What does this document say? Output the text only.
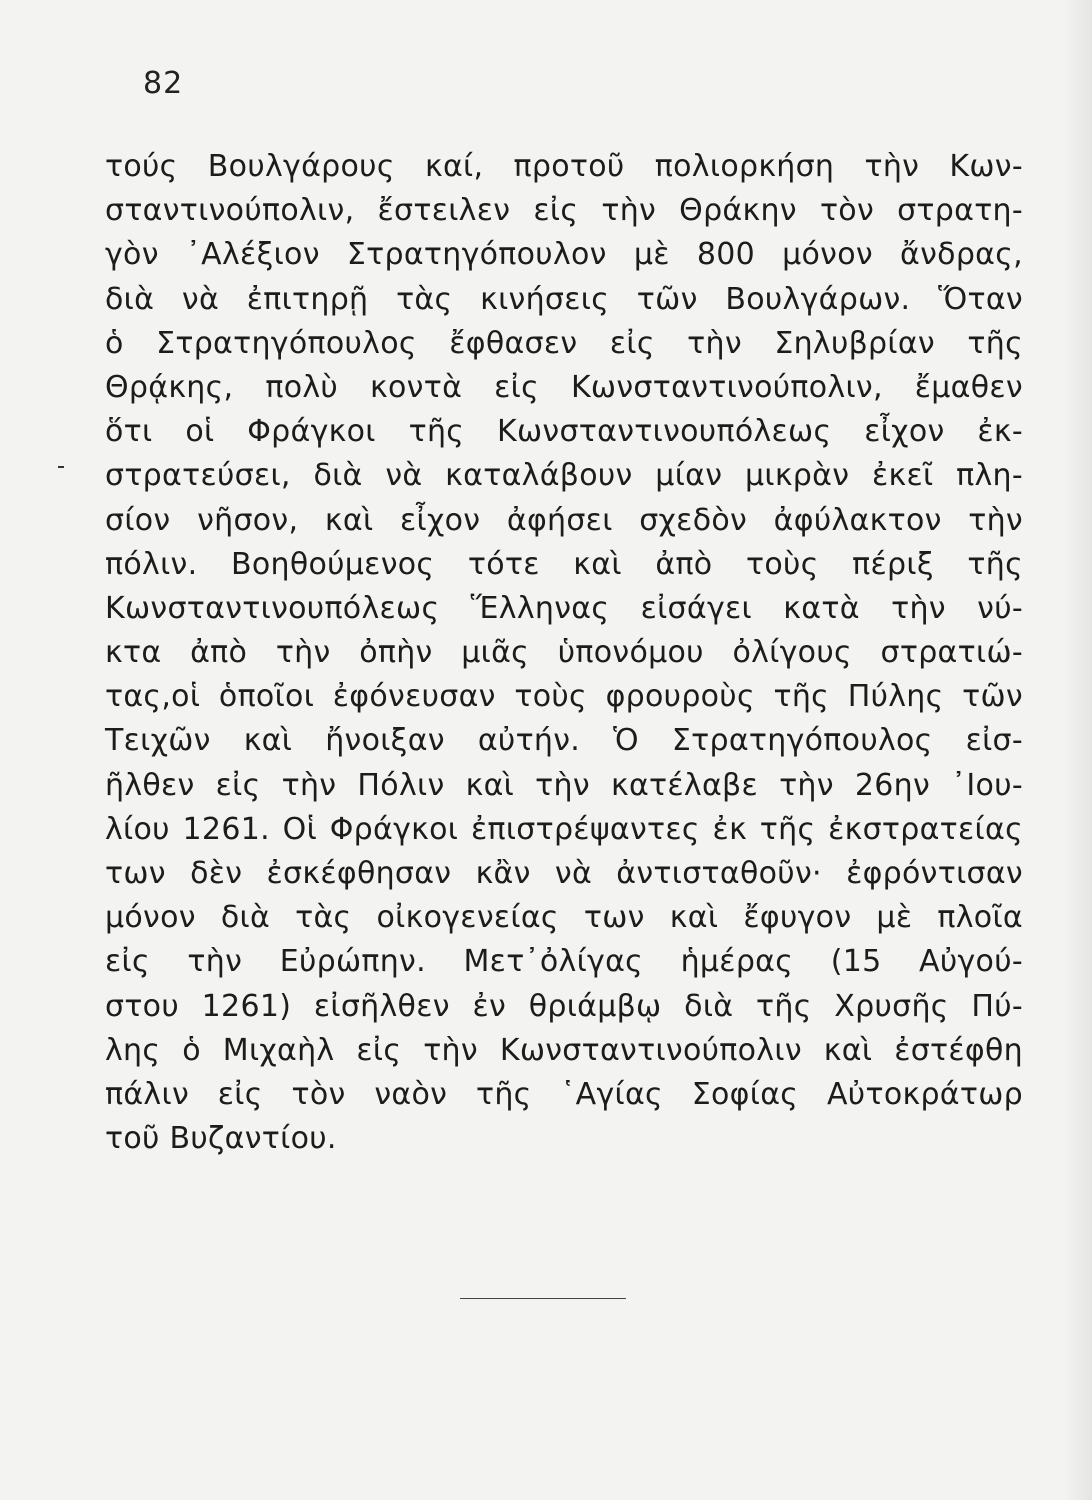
82
τούς Βουλγάρους καί, προτοῦ πολιορκήση τὴν Κων-
σταντινούπολιν, ἔστειλεν εἰς τὴν Θράκην τὸν στρατη-
γὸν ᾿Αλέξιον Στρατηγόπουλον μὲ 800 μόνον ἄνδρας,
διὰ νὰ ἐπιτηρῇ τὰς κινήσεις τῶν Βουλγάρων. Ὅταν
ὁ Στρατηγόπουλος ἔφθασεν εἰς τὴν Σηλυβρίαν τῆς
Θρᾴκης, πολὺ κοντὰ εἰς Κωνσταντινούπολιν, ἔμαθεν
ὅτι οἱ Φράγκοι τῆς Κωνσταντινουπόλεως εἶχον ἐκ-
στρατεύσει, διὰ νὰ καταλάβουν μίαν μικρὰν ἐκεῖ πλη-
σίον νῆσον, καὶ εἶχον ἀφήσει σχεδὸν ἀφύλακτον τὴν
πόλιν. Βοηθούμενος τότε καὶ ἀπὸ τοὺς πέριξ τῆς
Κωνσταντινουπόλεως Ἕλληνας εἰσάγει κατὰ τὴν νύ-
κτα ἀπὸ τὴν ὀπὴν μιᾶς ὑπονόμου ὀλίγους στρατιώ-
τας,οἱ ὁποῖοι ἐφόνευσαν τοὺς φρουροὺς τῆς Πύλης τῶν
Τειχῶν καὶ ἤνοιξαν αὐτήν. Ὁ Στρατηγόπουλος εἰσ-
ῆλθεν εἰς τὴν Πόλιν καὶ τὴν κατέλαβε τὴν 26ην ᾿Ιου-
λίου 1261. Οἱ Φράγκοι ἐπιστρέψαντες ἐκ τῆς ἐκστρατείας
των δὲν ἐσκέφθησαν κἂν νὰ ἀντισταθοῦν· ἐφρόντισαν
μόνον διὰ τὰς οἰκογενείας των καὶ ἔφυγον μὲ πλοῖα
εἰς τὴν Εὐρώπην. Μετ᾿ὀλίγας ἡμέρας (15 Αὐγού-
στου 1261) εἰσῆλθεν ἐν θριάμβῳ διὰ τῆς Χρυσῆς Πύ-
λης ὁ Μιχαὴλ εἰς τὴν Κωνσταντινούπολιν καὶ ἐστέφθη
πάλιν εἰς τὸν ναὸν τῆς ῾Αγίας Σοφίας Αὐτοκράτωρ
τοῦ Βυζαντίου.
